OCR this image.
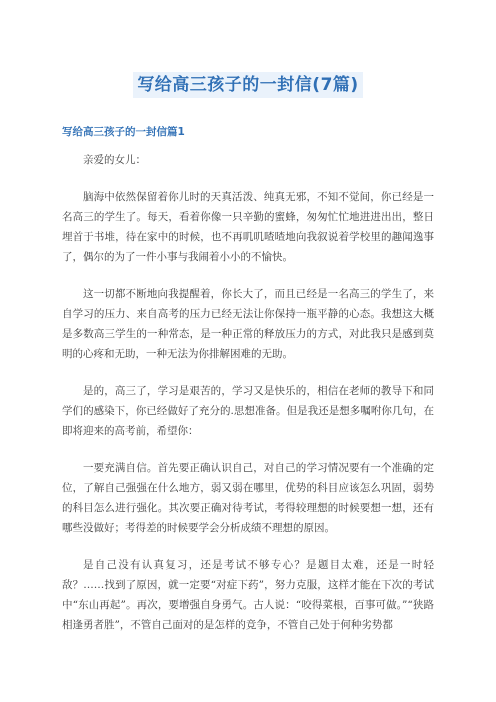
写给高三孩子的一封信(7篇)
写给高三孩子的一封信篇1

亲爱的女儿：

脑海中依然保留着你儿时的天真活泼、纯真无邪，不知不觉间，你已经是一名高三的学生了。每天，看着你像一只辛勤的蜜蜂，匆匆忙忙地进进出出，整日埋首于书堆，待在家中的时候，也不再叽叽喳喳地向我叙说着学校里的趣闻逸事了，偶尔的为了一件小事与我闹着小小的不愉快。

这一切都不断地向我提醒着，你长大了，而且已经是一名高三的学生了，来自学习的压力、来自高考的压力已经无法让你保持一瓶平静的心态。我想这大概是多数高三学生的一种常态，是一种正常的释放压力的方式，对此我只是感到莫明的心疼和无助，一种无法为你排解困难的无助。

是的，高三了，学习是艰苦的，学习又是快乐的，相信在老师的教导下和同学们的感染下，你已经做好了充分的.思想准备。但是我还是想多嘱咐你几句，在即将迎来的高考前，希望你：

一要充满自信。首先要正确认识自己，对自己的学习情况要有一个准确的定位，了解自己强强在什么地方，弱又弱在哪里，优势的科目应该怎么巩固，弱势的科目怎么进行强化。其次要正确对待考试，考得较理想的时候要想一想，还有哪些没做好；考得差的时候要学会分析成绩不理想的原因。

是自己没有认真复习，还是考试不够专心？是题目太难，还是一时轻敌？……找到了原因，就一定要“对症下药”，努力克服，这样才能在下次的考试中“东山再起”。再次，要增强自身勇气。古人说：“咬得菜根，百事可做。”“狭路相逢勇者胜”，不管自己面对的是怎样的竞争，不管自己处于何种劣势都
